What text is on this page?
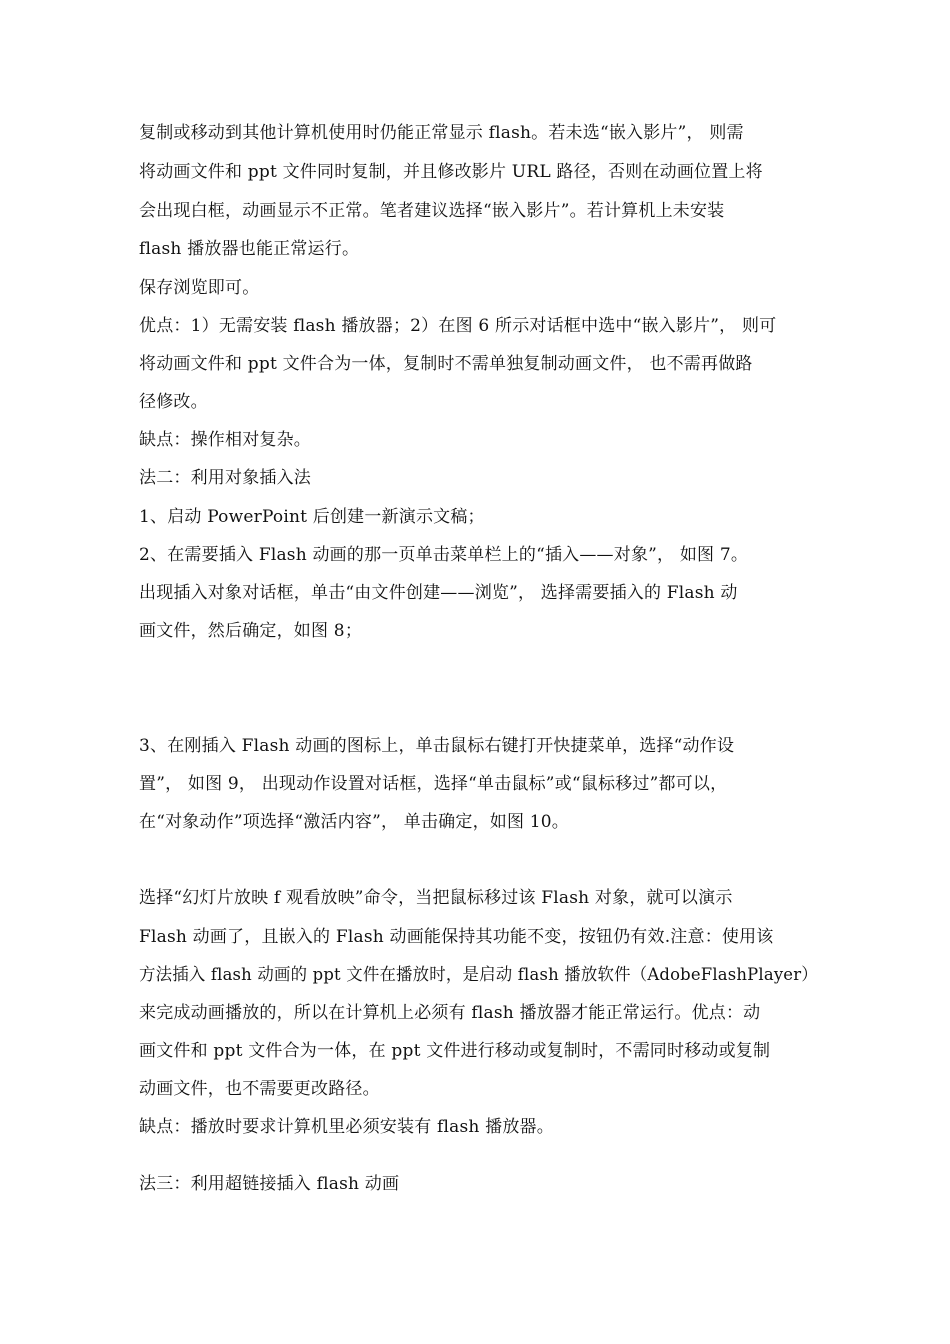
复制或移动到其他计算机使用时仍能正常显示 flash。若未选“嵌入影片”， 则需
将动画文件和 ppt 文件同时复制，并且修改影片 URL 路径，否则在动画位置上将
会出现白框，动画显示不正常。笔者建议选择“嵌入影片”。若计算机上未安装
flash 播放器也能正常运行。
保存浏览即可。
优点：1）无需安装 flash 播放器；2）在图 6 所示对话框中选中“嵌入影片”， 则可
将动画文件和 ppt 文件合为一体，复制时不需单独复制动画文件， 也不需再做路
径修改。
缺点：操作相对复杂。
法二：利用对象插入法
1、启动 PowerPoint 后创建一新演示文稿；
2、在需要插入 Flash 动画的那一页单击菜单栏上的“插入——对象”， 如图 7。
出现插入对象对话框，单击“由文件创建——浏览”， 选择需要插入的 Flash 动
画文件，然后确定，如图 8；
3、在刚插入 Flash 动画的图标上，单击鼠标右键打开快捷菜单，选择“动作设
置”， 如图 9， 出现动作设置对话框，选择“单击鼠标”或“鼠标移过”都可以，
在“对象动作”项选择“激活内容”， 单击确定，如图 10。
选择“幻灯片放映 f 观看放映”命令，当把鼠标移过该 Flash 对象，就可以演示
Flash 动画了，且嵌入的 Flash 动画能保持其功能不变，按钮仍有效.注意：使用该
方法插入 flash 动画的 ppt 文件在播放时，是启动 flash 播放软件（AdobeFlashPlayer）
来完成动画播放的，所以在计算机上必须有 flash 播放器才能正常运行。优点：动
画文件和 ppt 文件合为一体，在 ppt 文件进行移动或复制时，不需同时移动或复制
动画文件，也不需要更改路径。
缺点：播放时要求计算机里必须安装有 flash 播放器。
法三：利用超链接插入 flash 动画
